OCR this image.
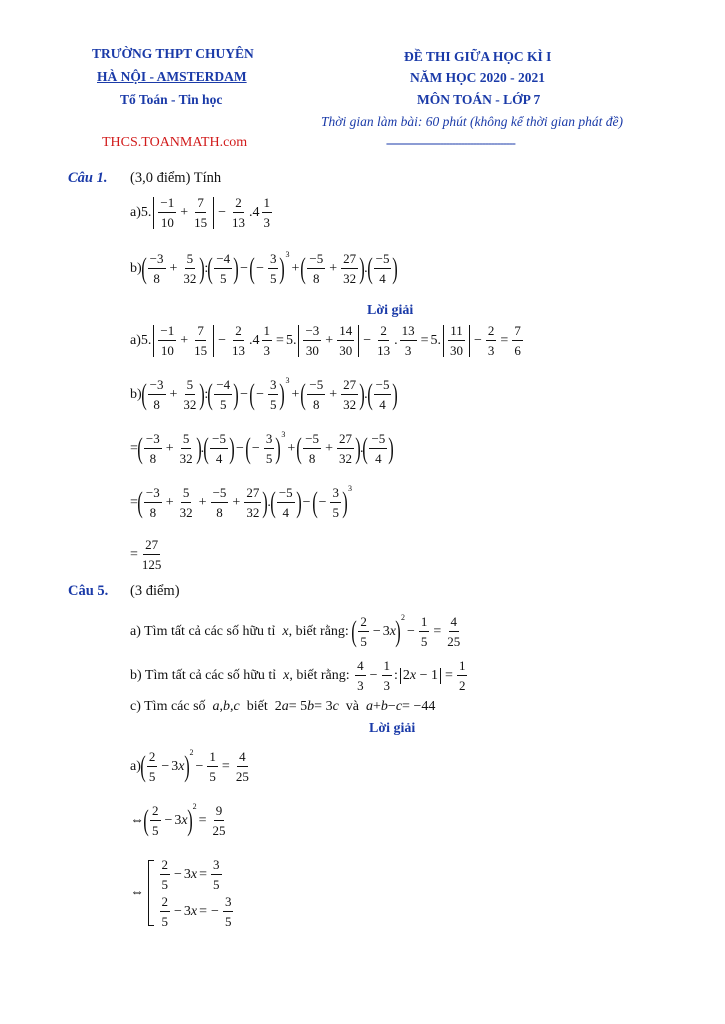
TRƯỜNG THPT CHUYÊN
HÀ NỘI - AMSTERDAM
Tổ Toán - Tin học
THCS.TOANMATH.com
ĐỀ THI GIỮA HỌC KÌ I
NĂM HỌC 2020 - 2021
MÔN TOÁN - LỚP 7
Thời gian làm bài: 60 phút (không kể thời gian phát đề)
-------------------------------------------
Câu 1. (3,0 điểm) Tính
a)5.
−1
10
+ $\frac{7}{15} - \frac{2}{13} .4$
1
3
b) ( −3
8
+ $\frac{5}{32}$ ) : ( −4
5 ) − ( − $\frac{3}{5}$ ) 3
+ ( −5
8
+ $\frac{27}{32}$ ) . ( −5
4 )
Lời giải
a)5.
−1
10
+ $\frac{7}{15} - \frac{2}{13} .4 \frac{1}{3} = 5$.
−3
30
+ $\frac{14}{30} - \frac{2}{13}$ . $\frac{13}{3} = 5$.
11
30
− $\frac{2}{3} = \frac{7}{6}$
b) ( −3
8
+ $\frac{5}{32}$ ) : ( −4
5 ) − ( − $\frac{3}{5}$ ) 3
+ ( −5
8
+ $\frac{27}{32}$ ) . ( −5
4 )
= ( −3
8
+ $\frac{5}{32}$ ) . ( −5
4 ) − ( − $\frac{3}{5}$ ) 3
+ ( −5
8
+ $\frac{27}{32}$ ) . ( −5
4 )
= ( −3
8
+ $\frac{5}{32} + \frac{-5}{8} + \frac{27}{32}$ ) . ( −5
4 ) − ( − $\frac{3}{5}$ ) 3
=
27
125
Câu 5. (3 điểm)
a) Tìm tất cả các số hữu tỉ
x , biết rằng:
( 2
5
− 3 x ) 2
− $\frac{1}{5} = \frac{4}{25}$
b) Tìm tất cả các số hữu tỉ
x , biết rằng:

4
3
− $\frac{1}{3}$ : $2x - 1 = \frac{1}{2}$
c) Tìm các số
a , b , c
biết 2 a = 5 b = 3 c
và
a + b − c = −44
Lời giải
a) ( 2
5
− 3 x ) 2
− $\frac{1}{5} = \frac{4}{25}$
⇔ ( 2
5
− 3 x ) 2
= $\frac{9}{25}$
⇔
2
5
− 3 $x = \frac{3}{5}$
2
5
− 3 x = − $\frac{3}{5}$
